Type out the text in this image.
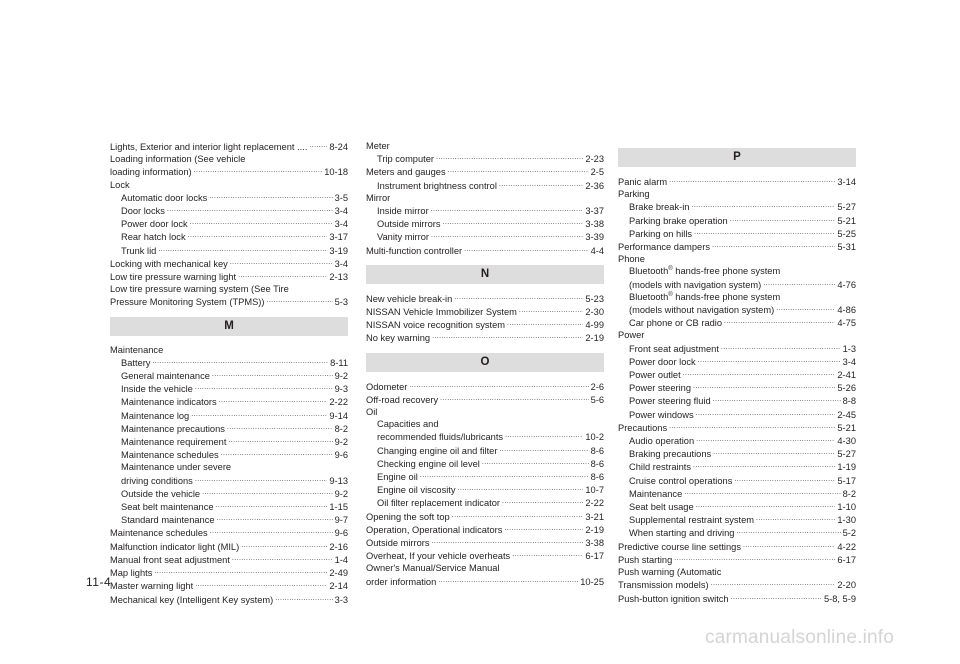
Lights, Exterior and interior light replacement .... ..... 8-24
Loading information (See vehicle
loading information) .....	10-18
Lock
Automatic door locks .....	3-5
Door locks .....	3-4
Power door lock .....	3-4
Rear hatch lock .....	3-17
Trunk lid .....	3-19
Locking with mechanical key .....	3-4
Low tire pressure warning light .....	2-13
Low tire pressure warning system (See Tire
Pressure Monitoring System (TPMS)) .....	5-3
M
Maintenance
Battery .....	8-11
General maintenance .....	9-2
Inside the vehicle .....	9-3
Maintenance indicators .....	2-22
Maintenance log .....	9-14
Maintenance precautions .....	8-2
Maintenance requirement .....	9-2
Maintenance schedules .....	9-6
Maintenance under severe
driving conditions .....	9-13
Outside the vehicle .....	9-2
Seat belt maintenance .....	1-15
Standard maintenance .....	9-7
Maintenance schedules .....	9-6
Malfunction indicator light (MIL) .....	2-16
Manual front seat adjustment .....	1-4
Map lights .....	2-49
Master warning light .....	2-14
Mechanical key (Intelligent Key system) .....	3-3
Meter
Trip computer .....	2-23
Meters and gauges .....	2-5
Instrument brightness control .....	2-36
Mirror
Inside mirror .....	3-37
Outside mirrors .....	3-38
Vanity mirror .....	3-39
Multi-function controller .....	4-4
N
New vehicle break-in .....	5-23
NISSAN Vehicle Immobilizer System .....	2-30
NISSAN voice recognition system .....	4-99
No key warning .....	2-19
O
Odometer .....	2-6
Off-road recovery .....	5-6
Oil
Capacities and
recommended fluids/lubricants .....	10-2
Changing engine oil and filter .....	8-6
Checking engine oil level .....	8-6
Engine oil .....	8-6
Engine oil viscosity .....	10-7
Oil filter replacement indicator .....	2-22
Opening the soft top .....	3-21
Operation, Operational indicators .....	2-19
Outside mirrors .....	3-38
Overheat, If your vehicle overheats .....	6-17
Owner's Manual/Service Manual
order information .....	10-25
P
Panic alarm .....	3-14
Parking
Brake break-in .....	5-27
Parking brake operation .....	5-21
Parking on hills .....	5-25
Performance dampers .....	5-31
Phone
Bluetooth® hands-free phone system
(models with navigation system) .....	4-76
Bluetooth® hands-free phone system
(models without navigation system) .....	4-86
Car phone or CB radio .....	4-75
Power
Front seat adjustment .....	1-3
Power door lock .....	3-4
Power outlet .....	2-41
Power steering .....	5-26
Power steering fluid .....	8-8
Power windows .....	2-45
Precautions .....	5-21
Audio operation .....	4-30
Braking precautions .....	5-27
Child restraints .....	1-19
Cruise control operations .....	5-17
Maintenance .....	8-2
Seat belt usage .....	1-10
Supplemental restraint system .....	1-30
When starting and driving .....	5-2
Predictive course line settings .....	4-22
Push starting .....	6-17
Push warning (Automatic
Transmission models) .....	2-20
Push-button ignition switch .....	5-8, 5-9
11-4
carmanualsonline.info
